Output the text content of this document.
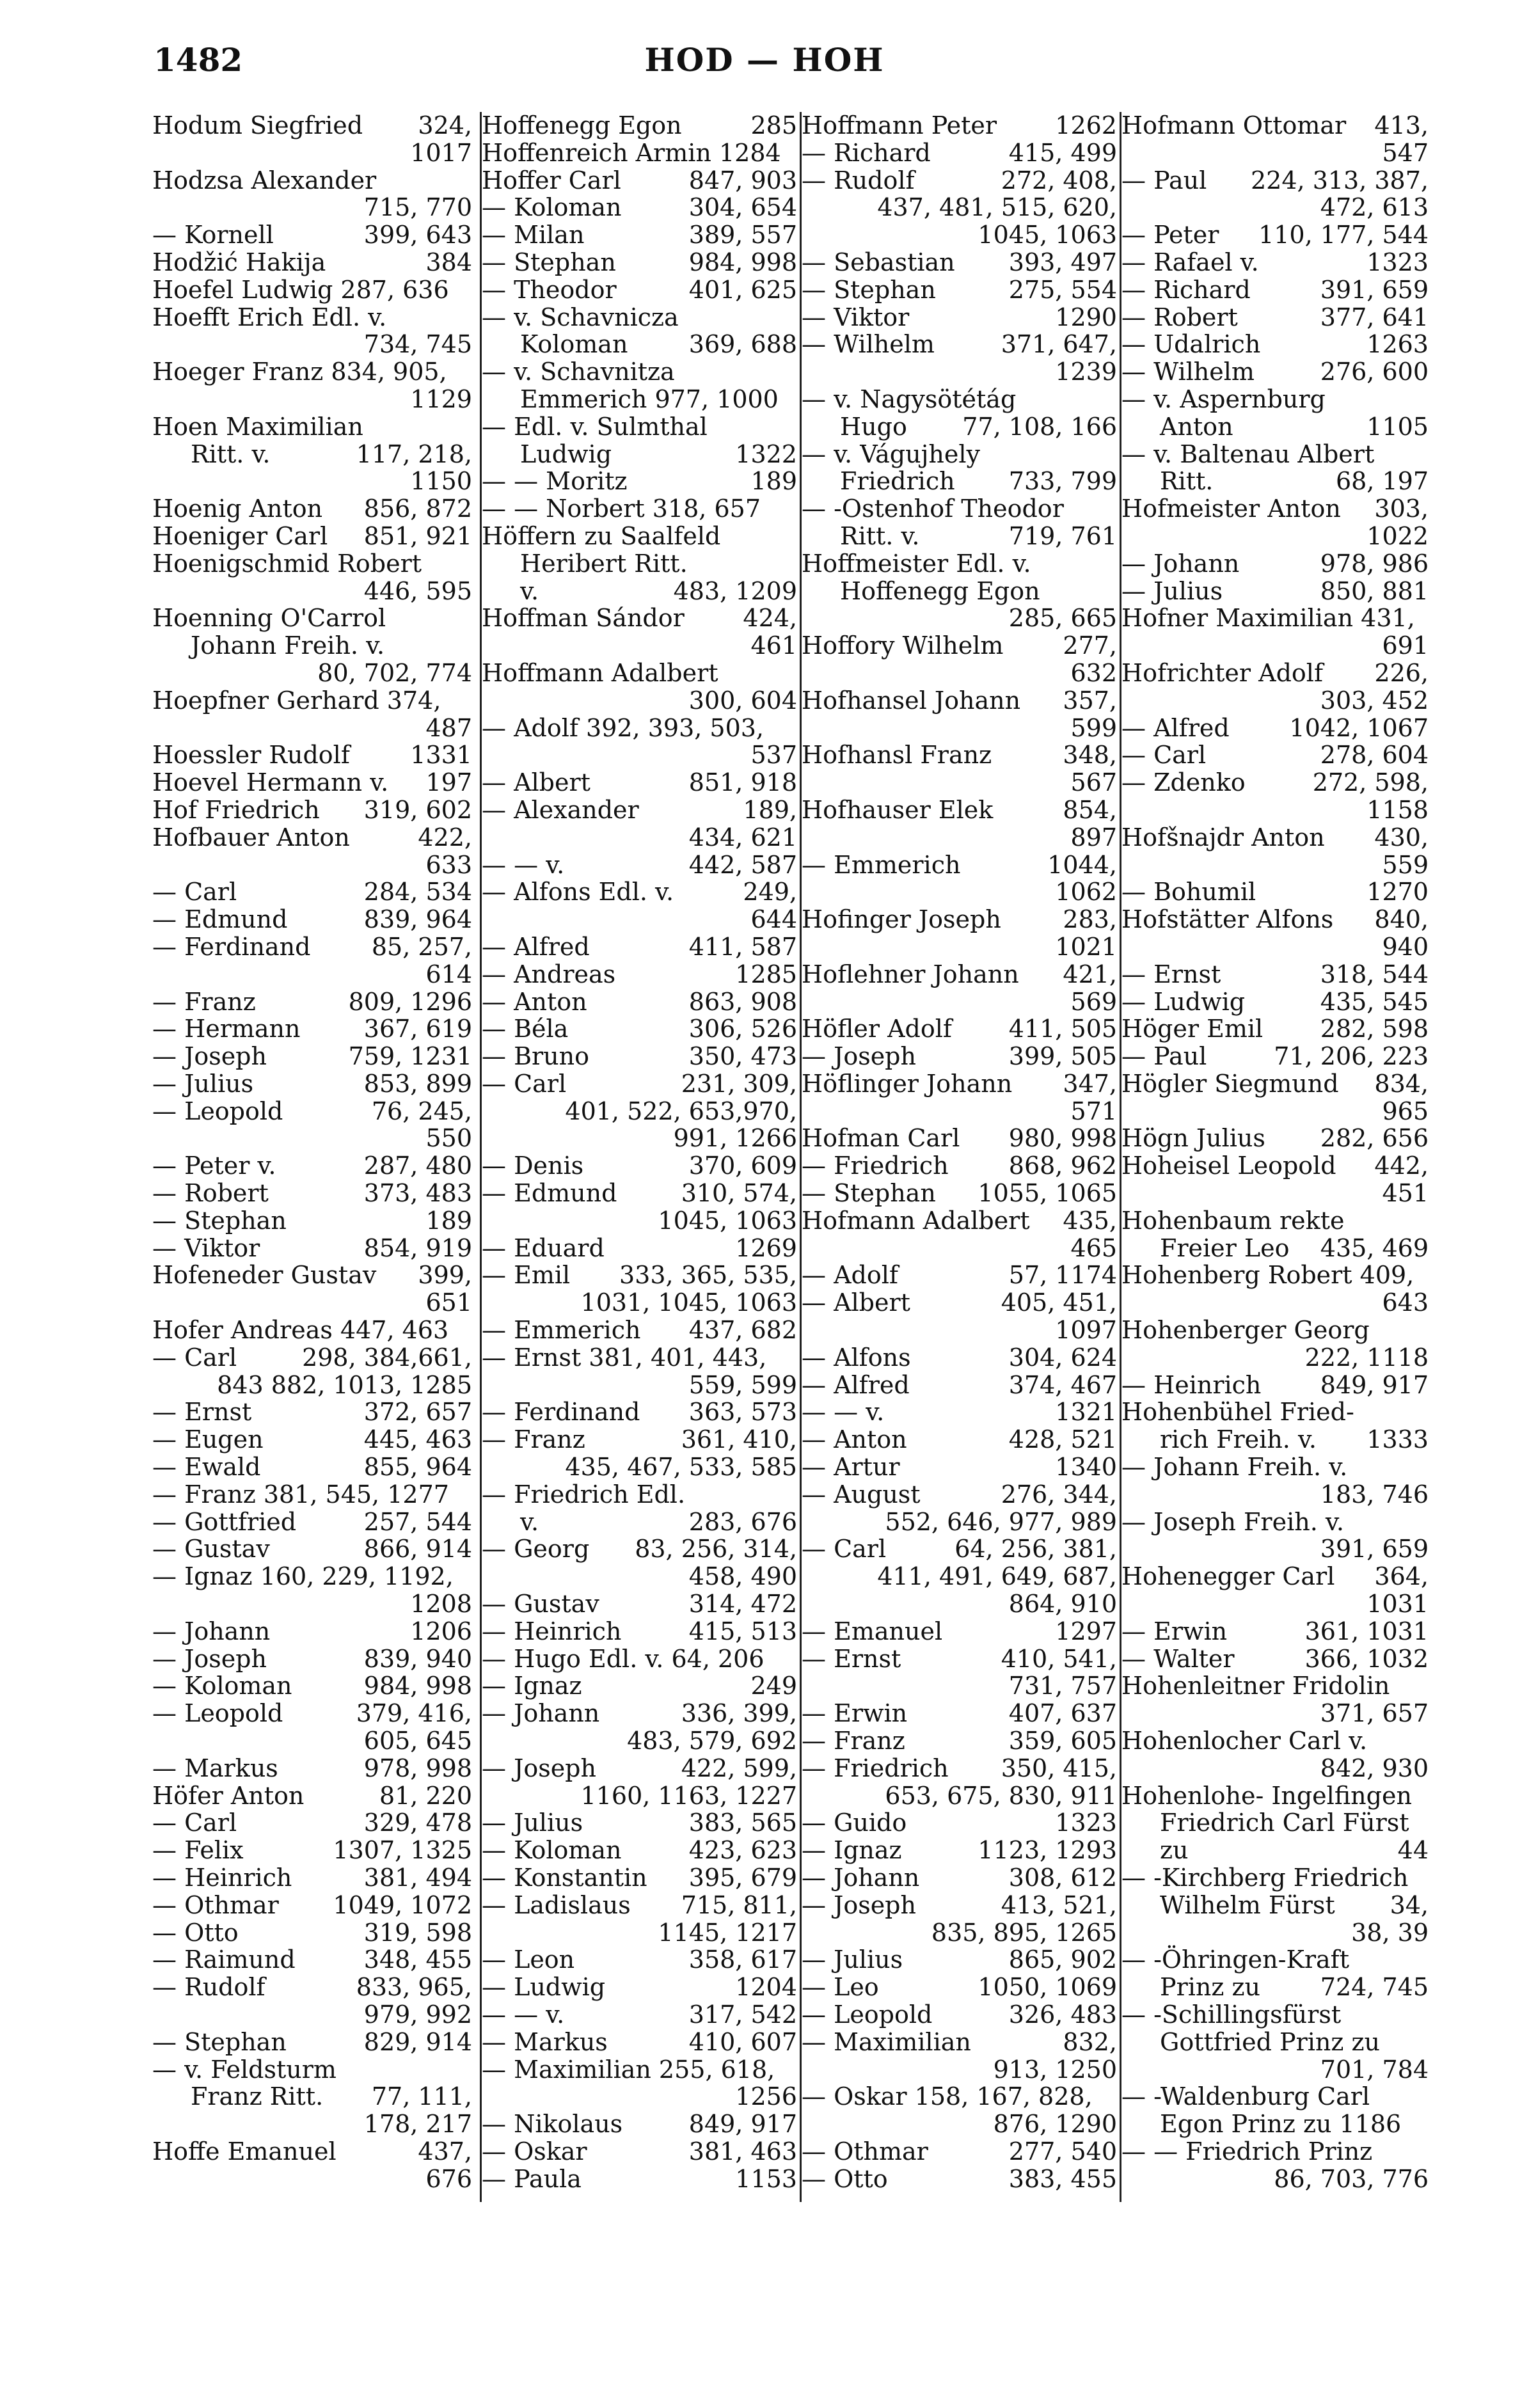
1482	HOD — HOH
Hodum Siegfried 324,
1017
Hodzsa Alexander
715, 770
— Kornell	399, 643
Hodžić Hakija	384
Hoefel Ludwig 287, 636
Hoefft Erich Edl. v.
734, 745
Hoeger Franz 834, 905,
1129
Hoen Maximilian
Ritt. v.	117, 218,
1150
Hoenig Anton 856, 872
Hoeniger Carl 851, 921
Hoenigschmid Robert
446, 595
Hoenning O'Carrol
Johann Freih. v.
80, 702, 774
Hoepfner Gerhard 374,
487
Hoessler Rudolf 1331
Hoevel Hermann v. 197
Hof Friedrich 319, 602
Hofbauer Anton	422,
633
— Carl	284, 534
— Edmund	839, 964
— Ferdinand	85, 257,
614
— Franz	809, 1296
— Hermann	367, 619
— Joseph	759, 1231
— Julius	853, 899
— Leopold	76, 245,
550
— Peter v.	287, 480
— Robert	373, 483
— Stephan	189
— Viktor	854, 919
Hofeneder Gustav 399,
651
Hofer Andreas 447, 463
— Carl	298, 384,661,
843 882, 1013, 1285
— Ernst	372, 657
— Eugen	445, 463
— Ewald	855, 964
— Franz 381, 545, 1277
— Gottfried	257, 544
— Gustav	866, 914
— Ignaz 160, 229, 1192,
1208
— Johann	1206
— Joseph	839, 940
— Koloman	984, 998
— Leopold	379, 416,
605, 645
— Markus	978, 998
Höfer Anton	81, 220
— Carl	329, 478
— Felix	1307, 1325
— Heinrich	381, 494
— Othmar 1049, 1072
— Otto	319, 598
— Raimund	348, 455
— Rudolf	833, 965,
979, 992
— Stephan	829, 914
— v. Feldsturm
Franz Ritt. 77, 111,
178, 217
Hoffe Emanuel	437,
676
Hoffenegg Egon	285
Hoffenreich Armin 1284
Hoffer Carl	847, 903
— Koloman	304, 654
— Milan	389, 557
— Stephan	984, 998
— Theodor	401, 625
— v. Schavnicza
Koloman	369, 688
— v. Schavnitza
Emmerich 977, 1000
— Edl. v. Sulmthal
Ludwig	1322
— — Moritz	189
— — Norbert 318, 657
Höffern zu Saalfeld
Heribert Ritt.
v.	483, 1209
Hoffman Sándor 424,
461
Hoffmann Adalbert
300, 604
— Adolf 392, 393, 503,
537
— Albert	851, 918
— Alexander	189,
434, 621
— — v.	442, 587
— Alfons Edl. v.	249,
644
— Alfred	411, 587
— Andreas	1285
— Anton	863, 908
— Béla	306, 526
— Bruno	350, 473
— Carl	231, 309,
401, 522, 653,970,
991, 1266
— Denis	370, 609
— Edmund	310, 574,
1045, 1063
— Eduard	1269
— Emil 333, 365, 535,
1031, 1045, 1063
— Emmerich 437, 682
— Ernst 381, 401, 443,
559, 599
— Ferdinand 363, 573
— Franz	361, 410,
435, 467, 533, 585
— Friedrich Edl.
v.	283, 676
— Georg 83, 256, 314,
458, 490
— Gustav	314, 472
— Heinrich	415, 513
— Hugo Edl. v. 64, 206
— Ignaz	249
— Johann	336, 399,
483, 579, 692
— Joseph	422, 599,
1160, 1163, 1227
— Julius	383, 565
— Koloman	423, 623
— Konstantin 395, 679
— Ladislaus 715, 811,
1145, 1217
— Leon	358, 617
— Ludwig	1204
— — v.	317, 542
— Markus	410, 607
— Maximilian 255, 618,
1256
— Nikolaus	849, 917
— Oskar	381, 463
— Paula	1153
Hoffmann Peter 1262
— Richard	415, 499
— Rudolf	272, 408,
437, 481, 515, 620,
1045, 1063
— Sebastian 393, 497
— Stephan	275, 554
— Viktor	1290
— Wilhelm	371, 647,
1239
— v. Nagysötétág
Hugo 77, 108, 166
— v. Vágujhely
Friedrich 733, 799
— -Ostenhof Theodor
Ritt. v.	719, 761
Hoffmeister Edl. v.
Hoffenegg Egon
285, 665
Hoffory Wilhelm 277,
632
Hofhansel Johann 357,
599
Hofhansl Franz	348,
567
Hofhauser Elek	854,
897
— Emmerich	1044,
1062
Hofinger Joseph	283,
1021
Hoflehner Johann 421,
569
Höfler Adolf 411, 505
— Joseph	399, 505
Höflinger Johann 347,
571
Hofman Carl 980, 998
— Friedrich 868, 962
— Stephan 1055, 1065
Hofmann Adalbert 435,
465
— Adolf	57, 1174
— Albert	405, 451,
1097
— Alfons	304, 624
— Alfred	374, 467
— — v.	1321
— Anton	428, 521
— Artur	1340
— August	276, 344,
552, 646, 977, 989
— Carl	64, 256, 381,
411, 491, 649, 687,
864, 910
— Emanuel	1297
— Ernst	410, 541,
731, 757
— Erwin	407, 637
— Franz	359, 605
— Friedrich 350, 415,
653, 675, 830, 911
— Guido	1323
— Ignaz	1123, 1293
— Johann	308, 612
— Joseph	413, 521,
835, 895, 1265
— Julius	865, 902
— Leo	1050, 1069
— Leopold	326, 483
— Maximilian	832,
913, 1250
— Oskar 158, 167, 828,
876, 1290
— Othmar	277, 540
— Otto	383, 455
Hofmann Ottomar 413,
547
— Paul 224, 313, 387,
472, 613
— Peter 110, 177, 544
— Rafael v.	1323
— Richard	391, 659
— Robert	377, 641
— Udalrich	1263
— Wilhelm	276, 600
— v. Aspernburg
Anton	1105
— v. Baltenau Albert
Ritt.	68, 197
Hofmeister Anton 303,
1022
— Johann	978, 986
— Julius	850, 881
Hofner Maximilian 431,
691
Hofrichter Adolf 226,
303, 452
— Alfred 1042, 1067
— Carl	278, 604
— Zdenko	272, 598,
1158
Hofšnajdr Anton 430,
559
— Bohumil	1270
Hofstätter Alfons 840,
940
— Ernst	318, 544
— Ludwig	435, 545
Höger Emil 282, 598
— Paul	71, 206, 223
Högler Siegmund 834,
965
Högn Julius 282, 656
Hoheisel Leopold 442,
451
Hohenbaum rekte
Freier Leo 435, 469
Hohenberg Robert 409,
643
Hohenberger Georg
222, 1118
— Heinrich 849, 917
Hohenbühel Fried-
rich Freih. v. 1333
— Johann Freih. v.
183, 746
— Joseph Freih. v.
391, 659
Hohenegger Carl 364,
1031
— Erwin	361, 1031
— Walter	366, 1032
Hohenleitner Fridolin
371, 657
Hohenlocher Carl v.
842, 930
Hohenlohe- Ingelfingen
Friedrich Carl Fürst
zu	44
— -Kirchberg Friedrich
Wilhelm Fürst 34,
38, 39
— -Öhringen-Kraft
Prinz zu 724, 745
— -Schillingsfürst
Gottfried Prinz zu
701, 784
— -Waldenburg Carl
Egon Prinz zu 1186
— — Friedrich Prinz
86, 703, 776
